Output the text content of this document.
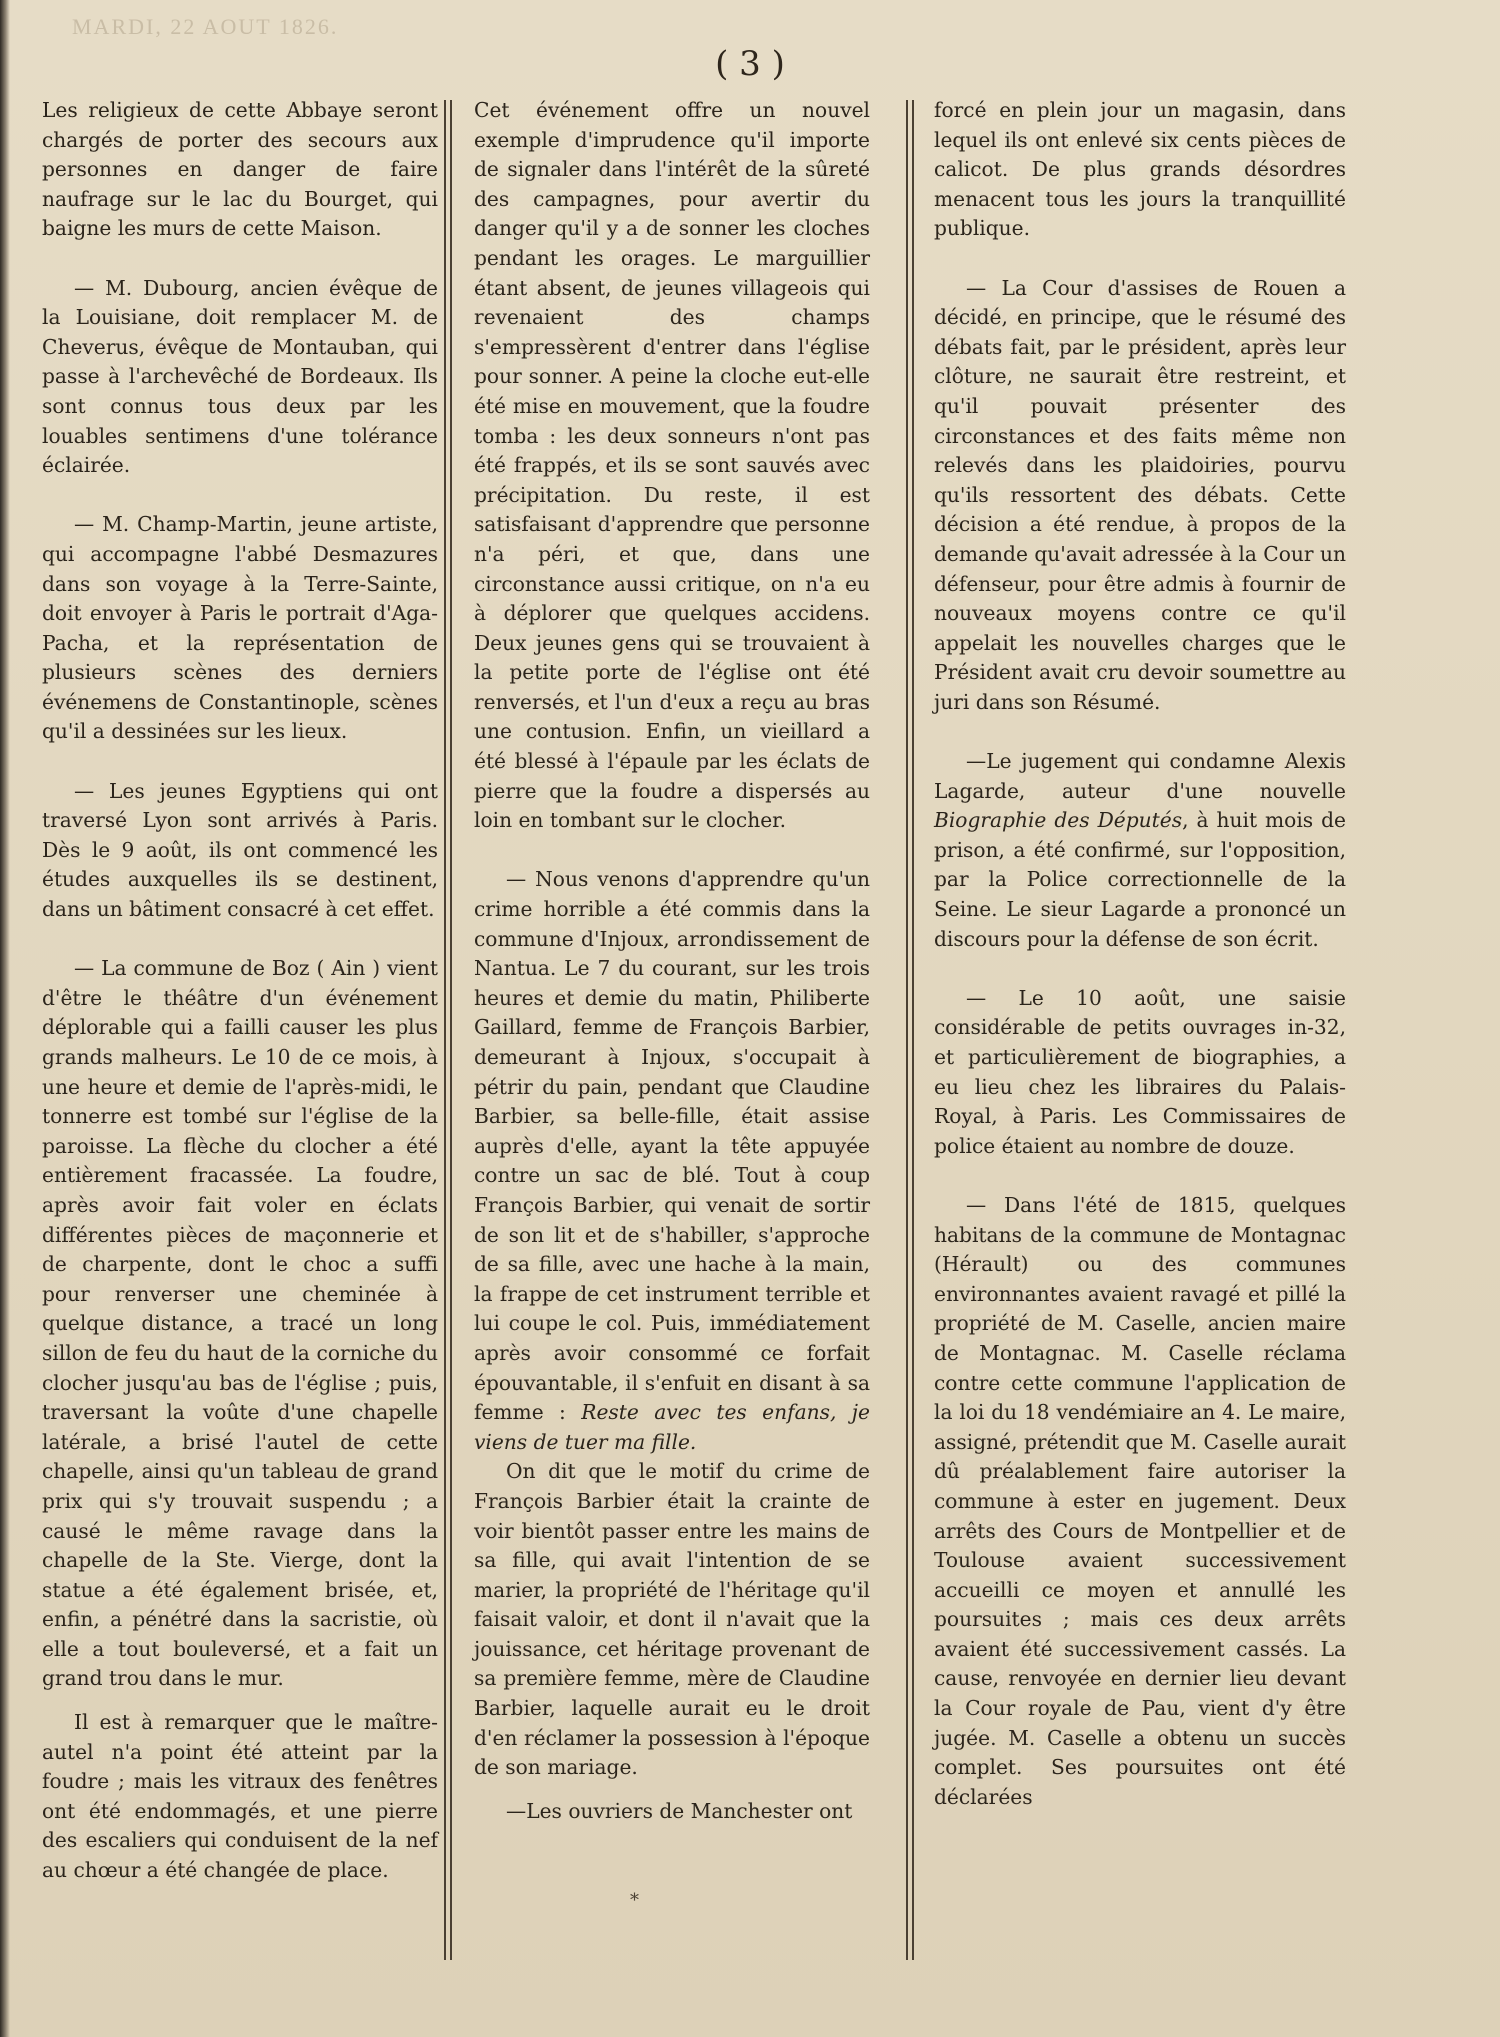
MARDI, 22 AOUT 1826.
( 3 )

Les religieux de cette Abbaye seront chargés de porter des secours aux personnes en danger de faire naufrage sur le lac du Bourget, qui baigne les murs de cette Maison.

— M. Dubourg, ancien évêque de la Louisiane, doit remplacer M. de Cheverus, évêque de Montauban, qui passe à l'archevêché de Bordeaux. Ils sont connus tous deux par les louables sentimens d'une tolérance éclairée.

— M. Champ-Martin, jeune artiste, qui accompagne l'abbé Desmazures dans son voyage à la Terre-Sainte, doit envoyer à Paris le portrait d'Aga-Pacha, et la représentation de plusieurs scènes des derniers événemens de Constantinople, scènes qu'il a dessinées sur les lieux.

— Les jeunes Egyptiens qui ont traversé Lyon sont arrivés à Paris. Dès le 9 août, ils ont commencé les études auxquelles ils se destinent, dans un bâtiment consacré à cet effet.

— La commune de Boz ( Ain ) vient d'être le théâtre d'un événement déplorable qui a failli causer les plus grands malheurs. Le 10 de ce mois, à une heure et demie de l'après-midi, le tonnerre est tombé sur l'église de la paroisse. La flèche du clocher a été entièrement fracassée. La foudre, après avoir fait voler en éclats différentes pièces de maçonnerie et de charpente, dont le choc a suffi pour renverser une cheminée à quelque distance, a tracé un long sillon de feu du haut de la corniche du clocher jusqu'au bas de l'église ; puis, traversant la voûte d'une chapelle latérale, a brisé l'autel de cette chapelle, ainsi qu'un tableau de grand prix qui s'y trouvait suspendu ; a causé le même ravage dans la chapelle de la Ste. Vierge, dont la statue a été également brisée, et, enfin, a pénétré dans la sacristie, où elle a tout bouleversé, et a fait un grand trou dans le mur.

Il est à remarquer que le maître-autel n'a point été atteint par la foudre ; mais les vitraux des fenêtres ont été endommagés, et une pierre des escaliers qui conduisent de la nef au chœur a été changée de place.

Cet événement offre un nouvel exemple d'imprudence qu'il importe de signaler dans l'intérêt de la sûreté des campagnes, pour avertir du danger qu'il y a de sonner les cloches pendant les orages. Le marguillier étant absent, de jeunes villageois qui revenaient des champs s'empressèrent d'entrer dans l'église pour sonner. A peine la cloche eut-elle été mise en mouvement, que la foudre tomba : les deux sonneurs n'ont pas été frappés, et ils se sont sauvés avec précipitation. Du reste, il est satisfaisant d'apprendre que personne n'a péri, et que, dans une circonstance aussi critique, on n'a eu à déplorer que quelques accidens. Deux jeunes gens qui se trouvaient à la petite porte de l'église ont été renversés, et l'un d'eux a reçu au bras une contusion. Enfin, un vieillard a été blessé à l'épaule par les éclats de pierre que la foudre a dispersés au loin en tombant sur le clocher.

— Nous venons d'apprendre qu'un crime horrible a été commis dans la commune d'Injoux, arrondissement de Nantua. Le 7 du courant, sur les trois heures et demie du matin, Philiberte Gaillard, femme de François Barbier, demeurant à Injoux, s'occupait à pétrir du pain, pendant que Claudine Barbier, sa belle-fille, était assise auprès d'elle, ayant la tête appuyée contre un sac de blé. Tout à coup François Barbier, qui venait de sortir de son lit et de s'habiller, s'approche de sa fille, avec une hache à la main, la frappe de cet instrument terrible et lui coupe le col. Puis, immédiatement après avoir consommé ce forfait épouvantable, il s'enfuit en disant à sa femme : Reste avec tes enfans, je viens de tuer ma fille.

On dit que le motif du crime de François Barbier était la crainte de voir bientôt passer entre les mains de sa fille, qui avait l'intention de se marier, la propriété de l'héritage qu'il faisait valoir, et dont il n'avait que la jouissance, cet héritage provenant de sa première femme, mère de Claudine Barbier, laquelle aurait eu le droit d'en réclamer la possession à l'époque de son mariage.

—Les ouvriers de Manchester ont

forcé en plein jour un magasin, dans lequel ils ont enlevé six cents pièces de calicot. De plus grands désordres menacent tous les jours la tranquillité publique.

— La Cour d'assises de Rouen a décidé, en principe, que le résumé des débats fait, par le président, après leur clôture, ne saurait être restreint, et qu'il pouvait présenter des circonstances et des faits même non relevés dans les plaidoiries, pourvu qu'ils ressortent des débats. Cette décision a été rendue, à propos de la demande qu'avait adressée à la Cour un défenseur, pour être admis à fournir de nouveaux moyens contre ce qu'il appelait les nouvelles charges que le Président avait cru devoir soumettre au juri dans son Résumé.

—Le jugement qui condamne Alexis Lagarde, auteur d'une nouvelle Biographie des Députés, à huit mois de prison, a été confirmé, sur l'opposition, par la Police correctionnelle de la Seine. Le sieur Lagarde a prononcé un discours pour la défense de son écrit.

— Le 10 août, une saisie considérable de petits ouvrages in-32, et particulièrement de biographies, a eu lieu chez les libraires du Palais-Royal, à Paris. Les Commissaires de police étaient au nombre de douze.

— Dans l'été de 1815, quelques habitans de la commune de Montagnac (Hérault) ou des communes environnantes avaient ravagé et pillé la propriété de M. Caselle, ancien maire de Montagnac. M. Caselle réclama contre cette commune l'application de la loi du 18 vendémiaire an 4. Le maire, assigné, prétendit que M. Caselle aurait dû préalablement faire autoriser la commune à ester en jugement. Deux arrêts des Cours de Montpellier et de Toulouse avaient successivement accueilli ce moyen et annullé les poursuites ; mais ces deux arrêts avaient été successivement cassés. La cause, renvoyée en dernier lieu devant la Cour royale de Pau, vient d'y être jugée. M. Caselle a obtenu un succès complet. Ses poursuites ont été déclarées

*
